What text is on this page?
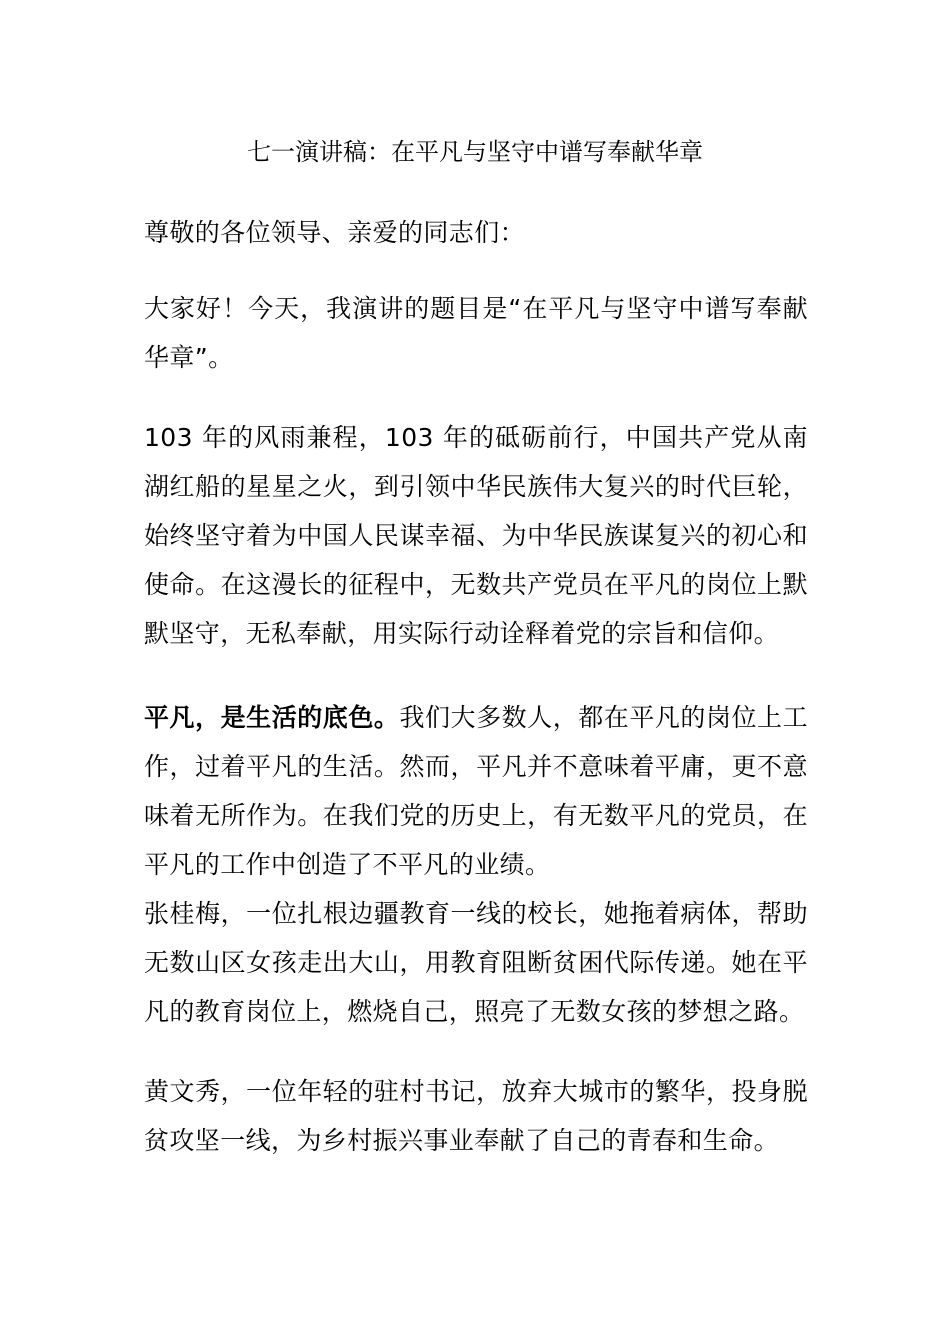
七一演讲稿：在平凡与坚守中谱写奉献华章

尊敬的各位领导、亲爱的同志们：

大家好！今天，我演讲的题目是“在平凡与坚守中谱写奉献华章”。

103 年的风雨兼程，103 年的砥砺前行，中国共产党从南湖红船的星星之火，到引领中华民族伟大复兴的时代巨轮，始终坚守着为中国人民谋幸福、为中华民族谋复兴的初心和使命。在这漫长的征程中，无数共产党员在平凡的岗位上默默坚守，无私奉献，用实际行动诠释着党的宗旨和信仰。

平凡，是生活的底色。我们大多数人，都在平凡的岗位上工作，过着平凡的生活。然而，平凡并不意味着平庸，更不意味着无所作为。在我们党的历史上，有无数平凡的党员，在平凡的工作中创造了不平凡的业绩。

张桂梅，一位扎根边疆教育一线的校长，她拖着病体，帮助无数山区女孩走出大山，用教育阻断贫困代际传递。她在平凡的教育岗位上，燃烧自己，照亮了无数女孩的梦想之路。

黄文秀，一位年轻的驻村书记，放弃大城市的繁华，投身脱贫攻坚一线，为乡村振兴事业奉献了自己的青春和生命。
